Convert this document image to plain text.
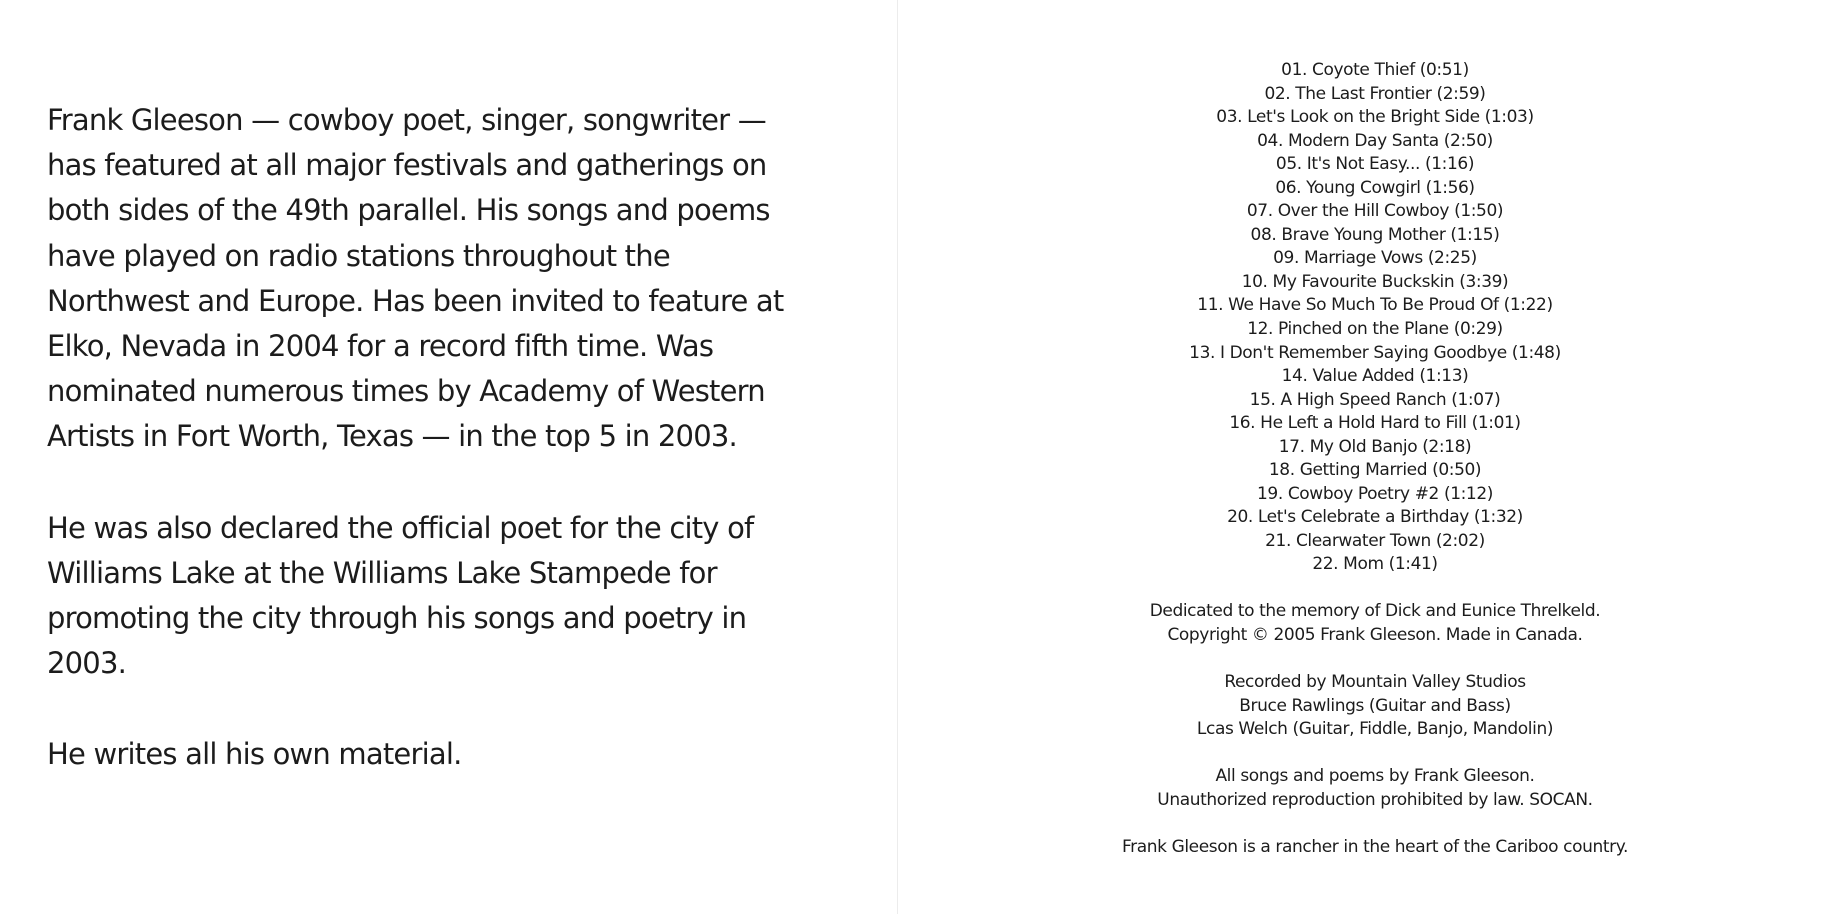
Frank Gleeson — cowboy poet, singer, songwriter — has featured at all major festivals and gatherings on both sides of the 49th parallel. His songs and poems have played on radio stations throughout the Northwest and Europe. Has been invited to feature at Elko, Nevada in 2004 for a record fifth time. Was nominated numerous times by Academy of Western Artists in Fort Worth, Texas — in the top 5 in 2003.

He was also declared the official poet for the city of Williams Lake at the Williams Lake Stampede for promoting the city through his songs and poetry in 2003.

He writes all his own material.

01. Coyote Thief (0:51)
02. The Last Frontier (2:59)
03. Let's Look on the Bright Side (1:03)
04. Modern Day Santa (2:50)
05. It's Not Easy... (1:16)
06. Young Cowgirl (1:56)
07. Over the Hill Cowboy (1:50)
08. Brave Young Mother (1:15)
09. Marriage Vows (2:25)
10. My Favourite Buckskin (3:39)
11. We Have So Much To Be Proud Of (1:22)
12. Pinched on the Plane (0:29)
13. I Don't Remember Saying Goodbye (1:48)
14. Value Added (1:13)
15. A High Speed Ranch (1:07)
16. He Left a Hold Hard to Fill (1:01)
17. My Old Banjo (2:18)
18. Getting Married (0:50)
19. Cowboy Poetry #2 (1:12)
20. Let's Celebrate a Birthday (1:32)
21. Clearwater Town (2:02)
22. Mom (1:41)
Dedicated to the memory of Dick and Eunice Threlkeld.
Copyright © 2005 Frank Gleeson. Made in Canada.
Recorded by Mountain Valley Studios
Bruce Rawlings (Guitar and Bass)
Lcas Welch (Guitar, Fiddle, Banjo, Mandolin)
All songs and poems by Frank Gleeson.
Unauthorized reproduction prohibited by law. SOCAN.
Frank Gleeson is a rancher in the heart of the Cariboo country.
